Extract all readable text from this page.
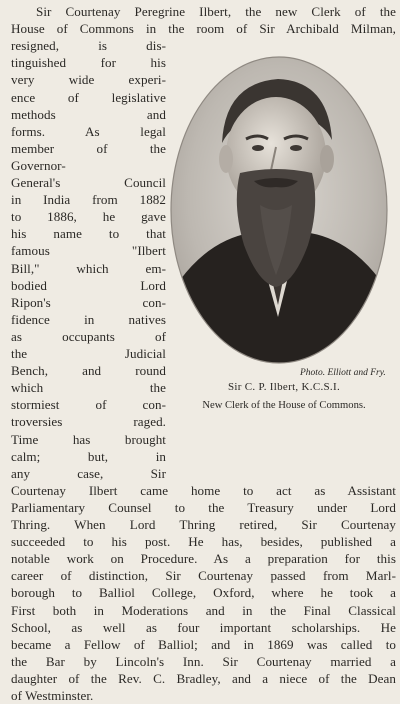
Sir Courtenay Peregrine Ilbert, the new Clerk of the
House of Commons in the room of Sir Archibald Milman,
resigned, is dis-
tinguished for his
very wide experi-
ence of legislative
methods and
forms. As legal
member of the
Governor-
General's Council
in India from 1882
to 1886, he gave
his name to that
famous "Ilbert
Bill," which em-
bodied Lord
Ripon's con-
fidence in natives
as occupants of
the Judicial
Bench, and round
which the
stormiest of con-
troversies raged.
Time has brought
calm; but, in
any case, Sir
Courtenay Ilbert came home to act as Assistant
Parliamentary Counsel to the Treasury under Lord
Thring. When Lord Thring retired, Sir Courtenay
succeeded to his post. He has, besides, published a
notable work on Procedure. As a preparation for this
career of distinction, Sir Courtenay passed from Marl-
borough to Balliol College, Oxford, where he took a
First both in Moderations and in the Final Classical
School, as well as four important scholarships. He
became a Fellow of Balliol; and in 1869 was called to
the Bar by Lincoln's Inn. Sir Courtenay married a
daughter of the Rev. C. Bradley, and a niece of the Dean
of Westminster.
Photo. Elliott and Fry.
Sir C. P. Ilbert, K.C.S.I.
New Clerk of the House of Commons.
